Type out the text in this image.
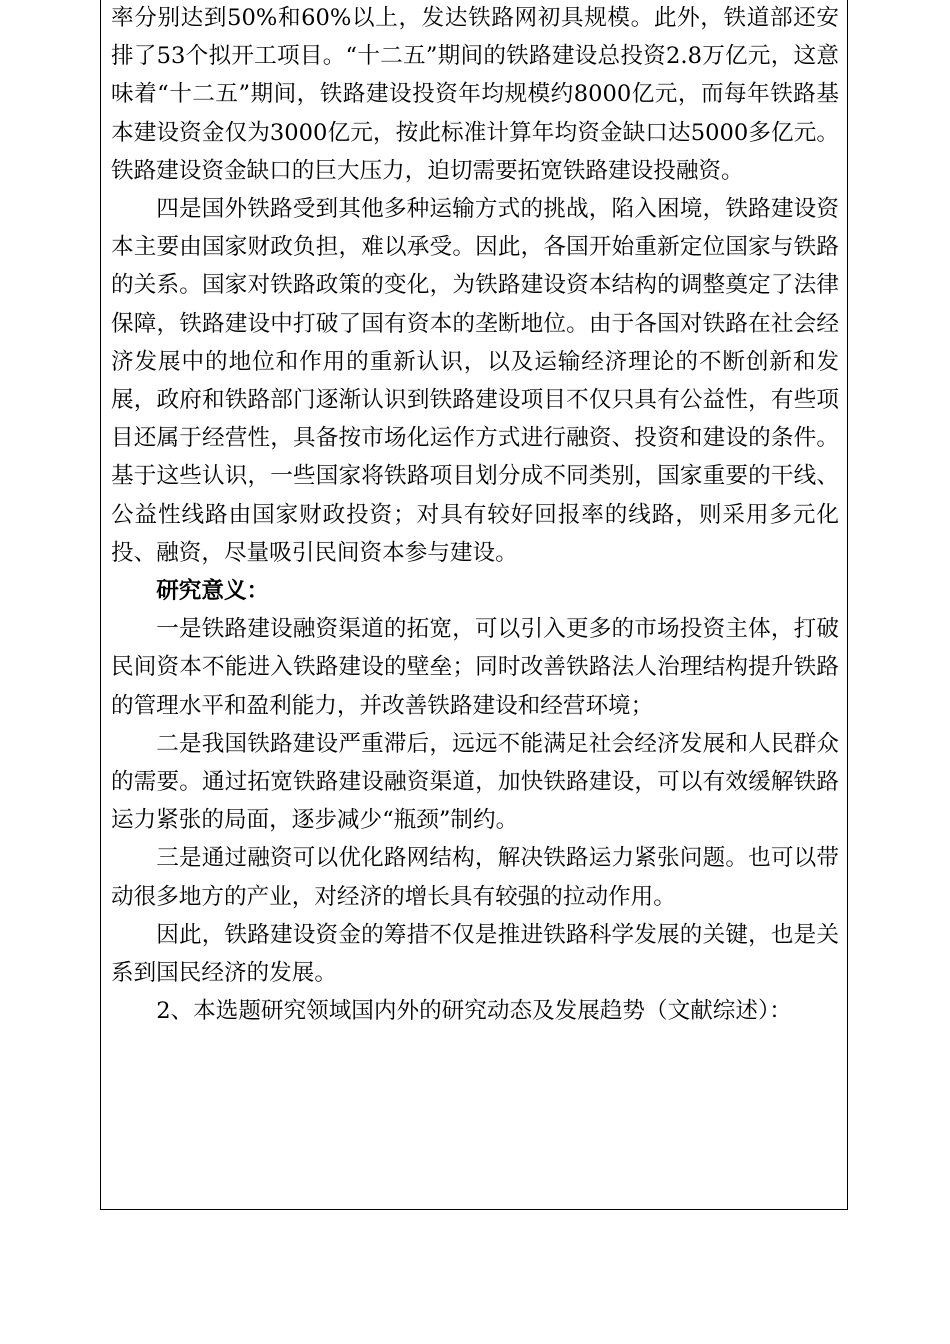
率分别达到50%和60%以上，发达铁路网初具规模。此外，铁道部还安排了53个拟开工项目。“十二五”期间的铁路建设总投资2.8万亿元，这意味着“十二五”期间，铁路建设投资年均规模约8000亿元，而每年铁路基本建设资金仅为3000亿元，按此标准计算年均资金缺口达5000多亿元。铁路建设资金缺口的巨大压力，迫切需要拓宽铁路建设投融资。

四是国外铁路受到其他多种运输方式的挑战，陷入困境，铁路建设资本主要由国家财政负担，难以承受。因此，各国开始重新定位国家与铁路的关系。国家对铁路政策的变化，为铁路建设资本结构的调整奠定了法律保障，铁路建设中打破了国有资本的垄断地位。由于各国对铁路在社会经济发展中的地位和作用的重新认识，以及运输经济理论的不断创新和发展，政府和铁路部门逐渐认识到铁路建设项目不仅只具有公益性，有些项目还属于经营性，具备按市场化运作方式进行融资、投资和建设的条件。基于这些认识，一些国家将铁路项目划分成不同类别，国家重要的干线、公益性线路由国家财政投资；对具有较好回报率的线路，则采用多元化投、融资，尽量吸引民间资本参与建设。

研究意义：

一是铁路建设融资渠道的拓宽，可以引入更多的市场投资主体，打破民间资本不能进入铁路建设的壁垒；同时改善铁路法人治理结构提升铁路的管理水平和盈利能力，并改善铁路建设和经营环境；

二是我国铁路建设严重滞后，远远不能满足社会经济发展和人民群众的需要。通过拓宽铁路建设融资渠道，加快铁路建设，可以有效缓解铁路运力紧张的局面，逐步减少“瓶颈”制约。

三是通过融资可以优化路网结构，解决铁路运力紧张问题。也可以带动很多地方的产业，对经济的增长具有较强的拉动作用。

因此，铁路建设资金的筹措不仅是推进铁路科学发展的关键，也是关系到国民经济的发展。

2、本选题研究领域国内外的研究动态及发展趋势（文献综述）：
